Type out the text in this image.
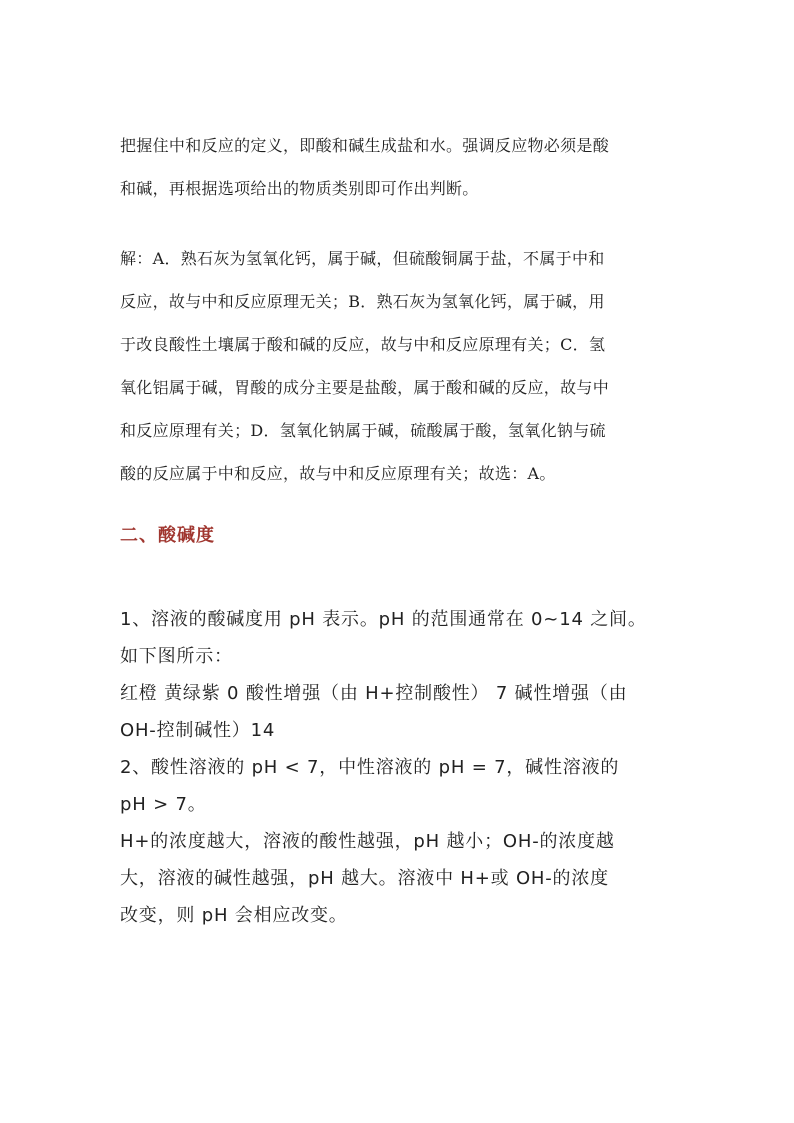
把握住中和反应的定义，即酸和碱生成盐和水。强调反应物必须是酸

和碱，再根据选项给出的物质类别即可作出判断。

解：A．熟石灰为氢氧化钙，属于碱，但硫酸铜属于盐，不属于中和

反应，故与中和反应原理无关；B．熟石灰为氢氧化钙，属于碱，用

于改良酸性土壤属于酸和碱的反应，故与中和反应原理有关；C．氢

氧化铝属于碱，胃酸的成分主要是盐酸，属于酸和碱的反应，故与中

和反应原理有关；D．氢氧化钠属于碱，硫酸属于酸，氢氧化钠与硫

酸的反应属于中和反应，故与中和反应原理有关；故选：A。

二、酸碱度

1、溶液的酸碱度用 pH 表示。pH 的范围通常在 0~14 之间。

如下图所示：

红橙 黄绿紫 0 酸性增强（由 H+控制酸性） 7 碱性增强（由

OH-控制碱性）14

2、酸性溶液的 pH < 7，中性溶液的 pH = 7，碱性溶液的

pH > 7。

H+的浓度越大，溶液的酸性越强，pH 越小；OH-的浓度越

大，溶液的碱性越强，pH 越大。溶液中 H+或 OH-的浓度

改变，则 pH 会相应改变。
